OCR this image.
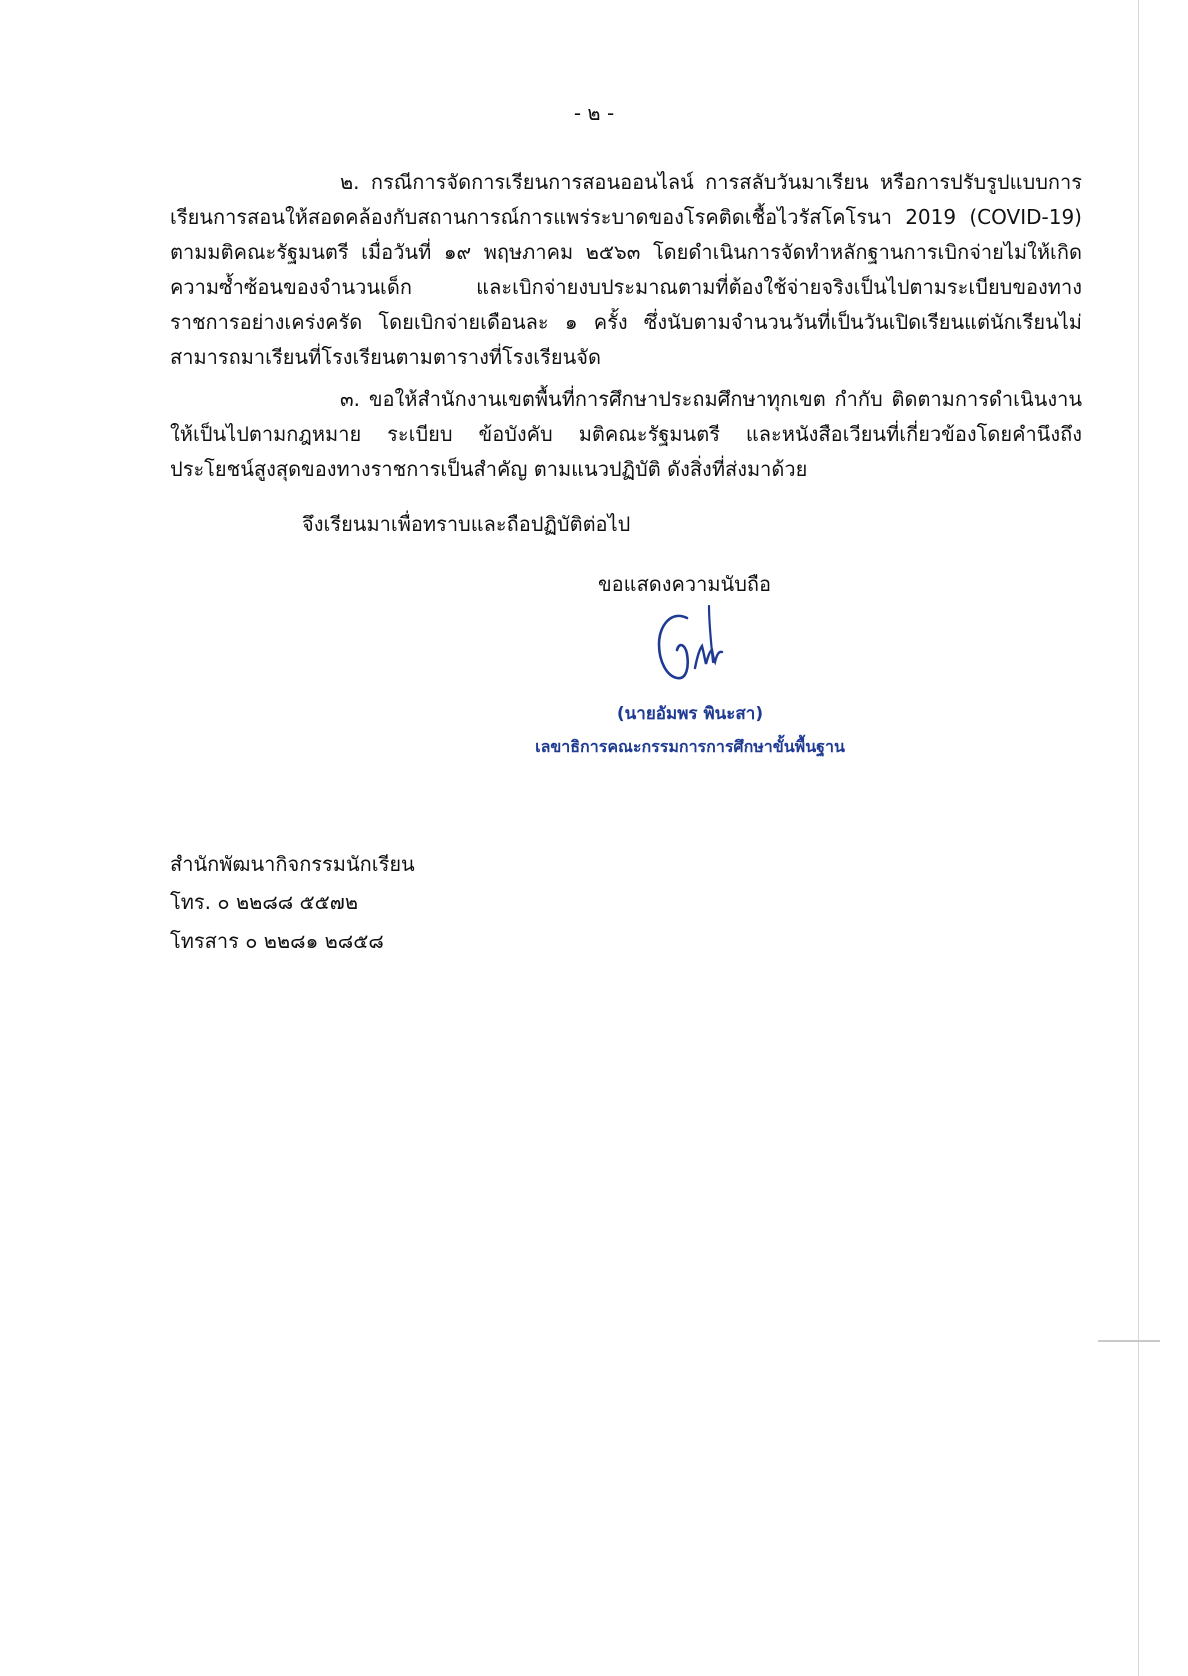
- ๒ -

๒. กรณีการจัดการเรียนการสอนออนไลน์ การสลับวันมาเรียน หรือการปรับรูปแบบการเรียนการสอนให้สอดคล้องกับสถานการณ์การแพร่ระบาดของโรคติดเชื้อไวรัสโคโรนา 2019 (COVID-19) ตามมติคณะรัฐมนตรี เมื่อวันที่ ๑๙ พฤษภาคม ๒๕๖๓ โดยดำเนินการจัดทำหลักฐานการเบิกจ่ายไม่ให้เกิดความซ้ำซ้อนของจำนวนเด็ก และเบิกจ่ายงบประมาณตามที่ต้องใช้จ่ายจริงเป็นไปตามระเบียบของทางราชการอย่างเคร่งครัด โดยเบิกจ่ายเดือนละ ๑ ครั้ง ซึ่งนับตามจำนวนวันที่เป็นวันเปิดเรียนแต่นักเรียนไม่สามารถมาเรียนที่โรงเรียนตามตารางที่โรงเรียนจัด

๓. ขอให้สำนักงานเขตพื้นที่การศึกษาประถมศึกษาทุกเขต กำกับ ติดตามการดำเนินงานให้เป็นไปตามกฎหมาย ระเบียบ ข้อบังคับ มติคณะรัฐมนตรี และหนังสือเวียนที่เกี่ยวข้องโดยคำนึงถึงประโยชน์สูงสุดของทางราชการเป็นสำคัญ ตามแนวปฏิบัติ ดังสิ่งที่ส่งมาด้วย

จึงเรียนมาเพื่อทราบและถือปฏิบัติต่อไป
ขอแสดงความนับถือ
(นายอัมพร พินะสา)
เลขาธิการคณะกรรมการการศึกษาขั้นพื้นฐาน
สำนักพัฒนากิจกรรมนักเรียน
โทร. ๐ ๒๒๘๘ ๕๕๗๒
โทรสาร ๐ ๒๒๘๑ ๒๘๕๘
